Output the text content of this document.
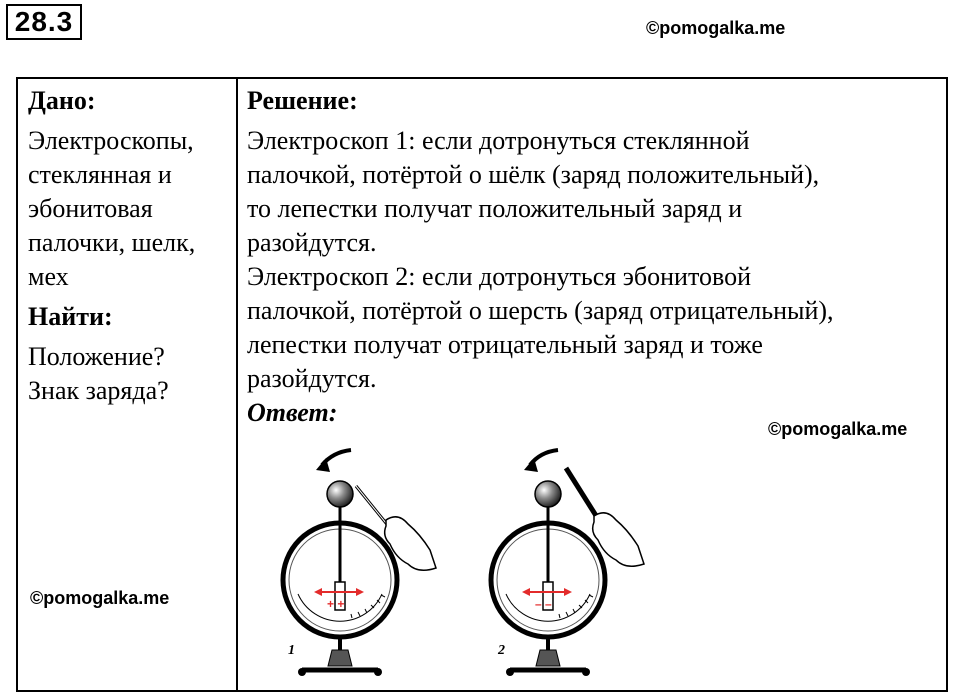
28.3	©pomogalka.me
Дано:
Электроскопы,
стеклянная и
эбонитовая
палочки, шелк,
мех
Найти:
Положение?
Знак заряда?
©pomogalka.me
Решение:
Электроскоп 1: если дотронуться стеклянной
палочкой, потёртой о шёлк (заряд положительный),
то лепестки получат положительный заряд и
разойдутся.
Электроскоп 2: если дотронуться эбонитовой
палочкой, потёртой о шерсть (заряд отрицательный),
лепестки получат отрицательный заряд и тоже
разойдутся.
Ответ:
©pomogalka.me
+ +
1
– –
2
